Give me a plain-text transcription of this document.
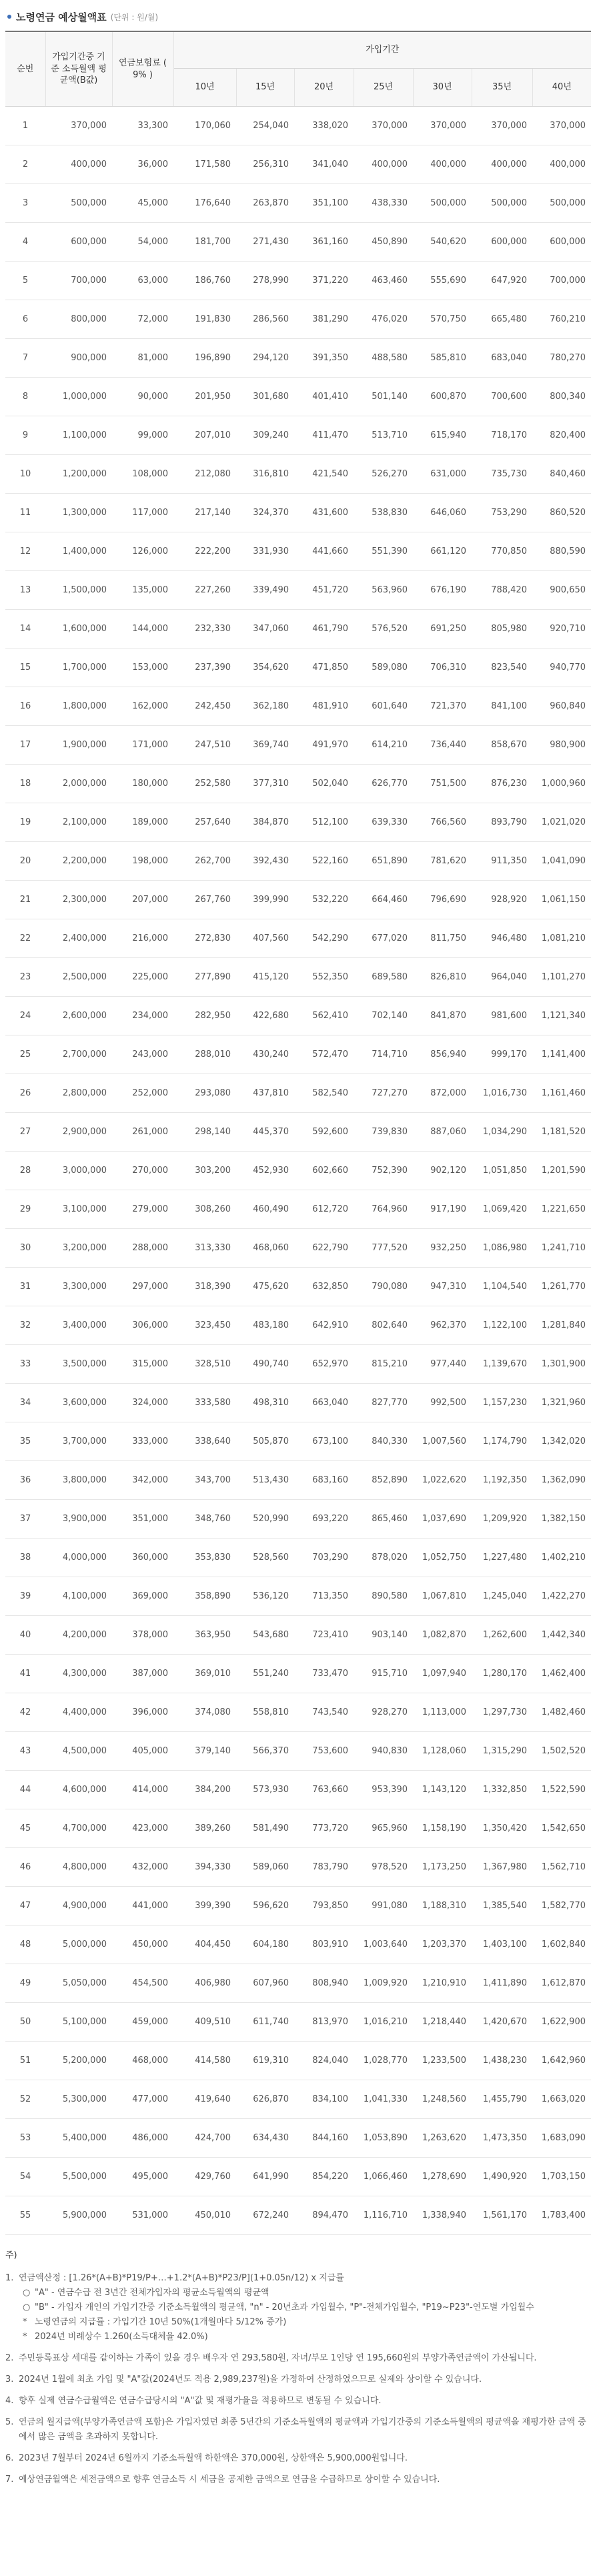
노령연금 예상월액표 (단위 : 원/월)
순번	가입기간중 기준 소득월액 평균액(B값)	연금보험료 ( 9% )	가입기간						
			10년	15년	20년	25년	30년	35년	40년
1	370,000	33,300	170,060	254,040	338,020	370,000	370,000	370,000	370,000
2	400,000	36,000	171,580	256,310	341,040	400,000	400,000	400,000	400,000
3	500,000	45,000	176,640	263,870	351,100	438,330	500,000	500,000	500,000
4	600,000	54,000	181,700	271,430	361,160	450,890	540,620	600,000	600,000
5	700,000	63,000	186,760	278,990	371,220	463,460	555,690	647,920	700,000
6	800,000	72,000	191,830	286,560	381,290	476,020	570,750	665,480	760,210
7	900,000	81,000	196,890	294,120	391,350	488,580	585,810	683,040	780,270
8	1,000,000	90,000	201,950	301,680	401,410	501,140	600,870	700,600	800,340
9	1,100,000	99,000	207,010	309,240	411,470	513,710	615,940	718,170	820,400
10	1,200,000	108,000	212,080	316,810	421,540	526,270	631,000	735,730	840,460
11	1,300,000	117,000	217,140	324,370	431,600	538,830	646,060	753,290	860,520
12	1,400,000	126,000	222,200	331,930	441,660	551,390	661,120	770,850	880,590
13	1,500,000	135,000	227,260	339,490	451,720	563,960	676,190	788,420	900,650
14	1,600,000	144,000	232,330	347,060	461,790	576,520	691,250	805,980	920,710
15	1,700,000	153,000	237,390	354,620	471,850	589,080	706,310	823,540	940,770
16	1,800,000	162,000	242,450	362,180	481,910	601,640	721,370	841,100	960,840
17	1,900,000	171,000	247,510	369,740	491,970	614,210	736,440	858,670	980,900
18	2,000,000	180,000	252,580	377,310	502,040	626,770	751,500	876,230	1,000,960
19	2,100,000	189,000	257,640	384,870	512,100	639,330	766,560	893,790	1,021,020
20	2,200,000	198,000	262,700	392,430	522,160	651,890	781,620	911,350	1,041,090
21	2,300,000	207,000	267,760	399,990	532,220	664,460	796,690	928,920	1,061,150
22	2,400,000	216,000	272,830	407,560	542,290	677,020	811,750	946,480	1,081,210
23	2,500,000	225,000	277,890	415,120	552,350	689,580	826,810	964,040	1,101,270
24	2,600,000	234,000	282,950	422,680	562,410	702,140	841,870	981,600	1,121,340
25	2,700,000	243,000	288,010	430,240	572,470	714,710	856,940	999,170	1,141,400
26	2,800,000	252,000	293,080	437,810	582,540	727,270	872,000	1,016,730	1,161,460
27	2,900,000	261,000	298,140	445,370	592,600	739,830	887,060	1,034,290	1,181,520
28	3,000,000	270,000	303,200	452,930	602,660	752,390	902,120	1,051,850	1,201,590
29	3,100,000	279,000	308,260	460,490	612,720	764,960	917,190	1,069,420	1,221,650
30	3,200,000	288,000	313,330	468,060	622,790	777,520	932,250	1,086,980	1,241,710
31	3,300,000	297,000	318,390	475,620	632,850	790,080	947,310	1,104,540	1,261,770
32	3,400,000	306,000	323,450	483,180	642,910	802,640	962,370	1,122,100	1,281,840
33	3,500,000	315,000	328,510	490,740	652,970	815,210	977,440	1,139,670	1,301,900
34	3,600,000	324,000	333,580	498,310	663,040	827,770	992,500	1,157,230	1,321,960
35	3,700,000	333,000	338,640	505,870	673,100	840,330	1,007,560	1,174,790	1,342,020
36	3,800,000	342,000	343,700	513,430	683,160	852,890	1,022,620	1,192,350	1,362,090
37	3,900,000	351,000	348,760	520,990	693,220	865,460	1,037,690	1,209,920	1,382,150
38	4,000,000	360,000	353,830	528,560	703,290	878,020	1,052,750	1,227,480	1,402,210
39	4,100,000	369,000	358,890	536,120	713,350	890,580	1,067,810	1,245,040	1,422,270
40	4,200,000	378,000	363,950	543,680	723,410	903,140	1,082,870	1,262,600	1,442,340
41	4,300,000	387,000	369,010	551,240	733,470	915,710	1,097,940	1,280,170	1,462,400
42	4,400,000	396,000	374,080	558,810	743,540	928,270	1,113,000	1,297,730	1,482,460
43	4,500,000	405,000	379,140	566,370	753,600	940,830	1,128,060	1,315,290	1,502,520
44	4,600,000	414,000	384,200	573,930	763,660	953,390	1,143,120	1,332,850	1,522,590
45	4,700,000	423,000	389,260	581,490	773,720	965,960	1,158,190	1,350,420	1,542,650
46	4,800,000	432,000	394,330	589,060	783,790	978,520	1,173,250	1,367,980	1,562,710
47	4,900,000	441,000	399,390	596,620	793,850	991,080	1,188,310	1,385,540	1,582,770
48	5,000,000	450,000	404,450	604,180	803,910	1,003,640	1,203,370	1,403,100	1,602,840
49	5,050,000	454,500	406,980	607,960	808,940	1,009,920	1,210,910	1,411,890	1,612,870
50	5,100,000	459,000	409,510	611,740	813,970	1,016,210	1,218,440	1,420,670	1,622,900
51	5,200,000	468,000	414,580	619,310	824,040	1,028,770	1,233,500	1,438,230	1,642,960
52	5,300,000	477,000	419,640	626,870	834,100	1,041,330	1,248,560	1,455,790	1,663,020
53	5,400,000	486,000	424,700	634,430	844,160	1,053,890	1,263,620	1,473,350	1,683,090
54	5,500,000	495,000	429,760	641,990	854,220	1,066,460	1,278,690	1,490,920	1,703,150
55	5,900,000	531,000	450,010	672,240	894,470	1,116,710	1,338,940	1,561,170	1,783,400
주)
1. 연금액산정 : [1.26*(A+B)*P19/P+…+1.2*(A+B)*P23/P](1+0.05n/12) x 지급률
○ "A" - 연금수급 전 3년간 전체가입자의 평균소득월액의 평균액
○ "B" - 가입자 개인의 가입기간중 기준소득월액의 평균액, "n" - 20년초과 가입월수, "P"-전체가입월수, "P19~P23"-연도별 가입월수
* 노령연금의 지급률 : 가입기간 10년 50%(1개월마다 5/12% 증가)
* 2024년 비례상수 1.260(소득대체율 42.0%)
2. 주민등록표상 세대를 같이하는 가족이 있을 경우 배우자 연 293,580원, 자녀/부모 1인당 연 195,660원의 부양가족연금액이 가산됩니다.
3. 2024년 1월에 최초 가입 및 "A"값(2024년도 적용 2,989,237원)을 가정하여 산정하였으므로 실제와 상이할 수 있습니다.
4. 향후 실제 연금수급월액은 연금수급당시의 "A"값 및 재평가율을 적용하므로 변동될 수 있습니다.
5. 연금의 월지급액(부양가족연금액 포함)은 가입자였던 최종 5년간의 기준소득월액의 평균액과 가입기간중의 기준소득월액의 평균액을 재평가한 금액 중에서 많은 금액을 초과하지 못합니다.
6. 2023년 7월부터 2024년 6월까지 기준소득월액 하한액은 370,000원, 상한액은 5,900,000원입니다.
7. 예상연금월액은 세전금액으로 향후 연금소득 시 세금을 공제한 금액으로 연금을 수급하므로 상이할 수 있습니다.
